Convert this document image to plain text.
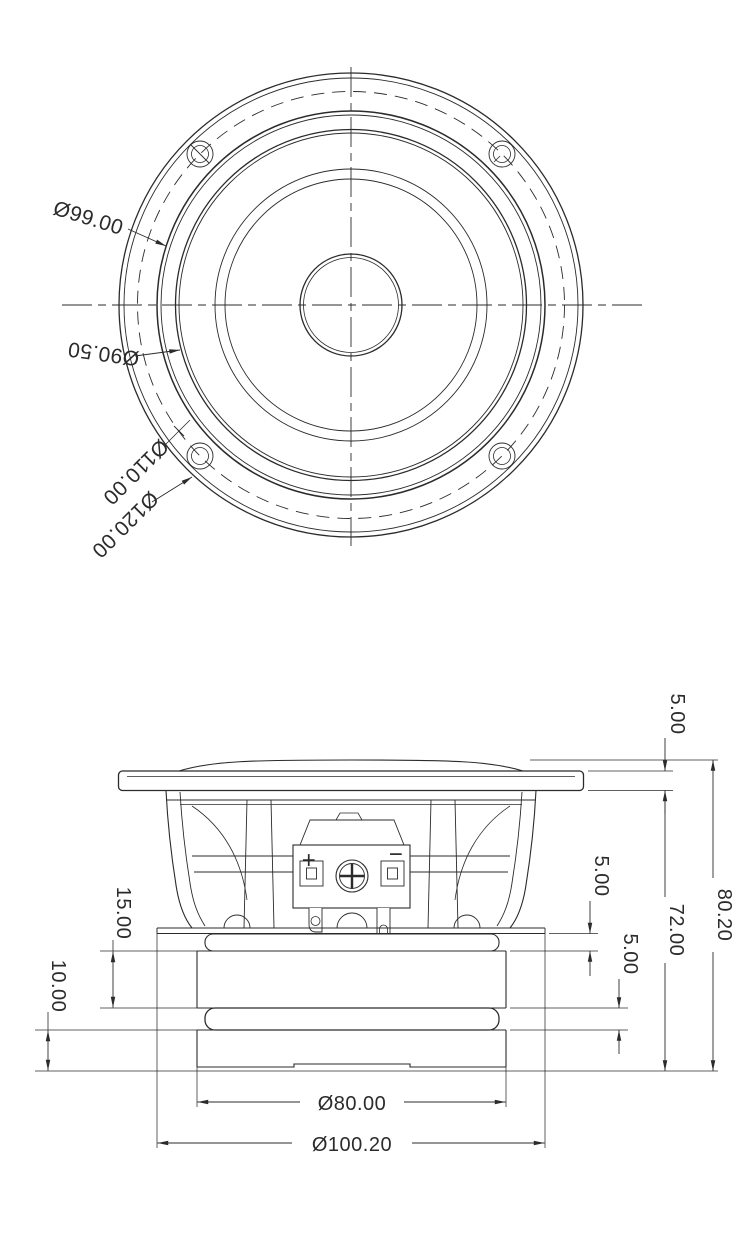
Ø99.00
Ø90.50
Ø110.00
Ø120.00
+	−
5.00
72.00 80.20
5.00
5.00
15.00
10.00
Ø80.00
Ø100.20
